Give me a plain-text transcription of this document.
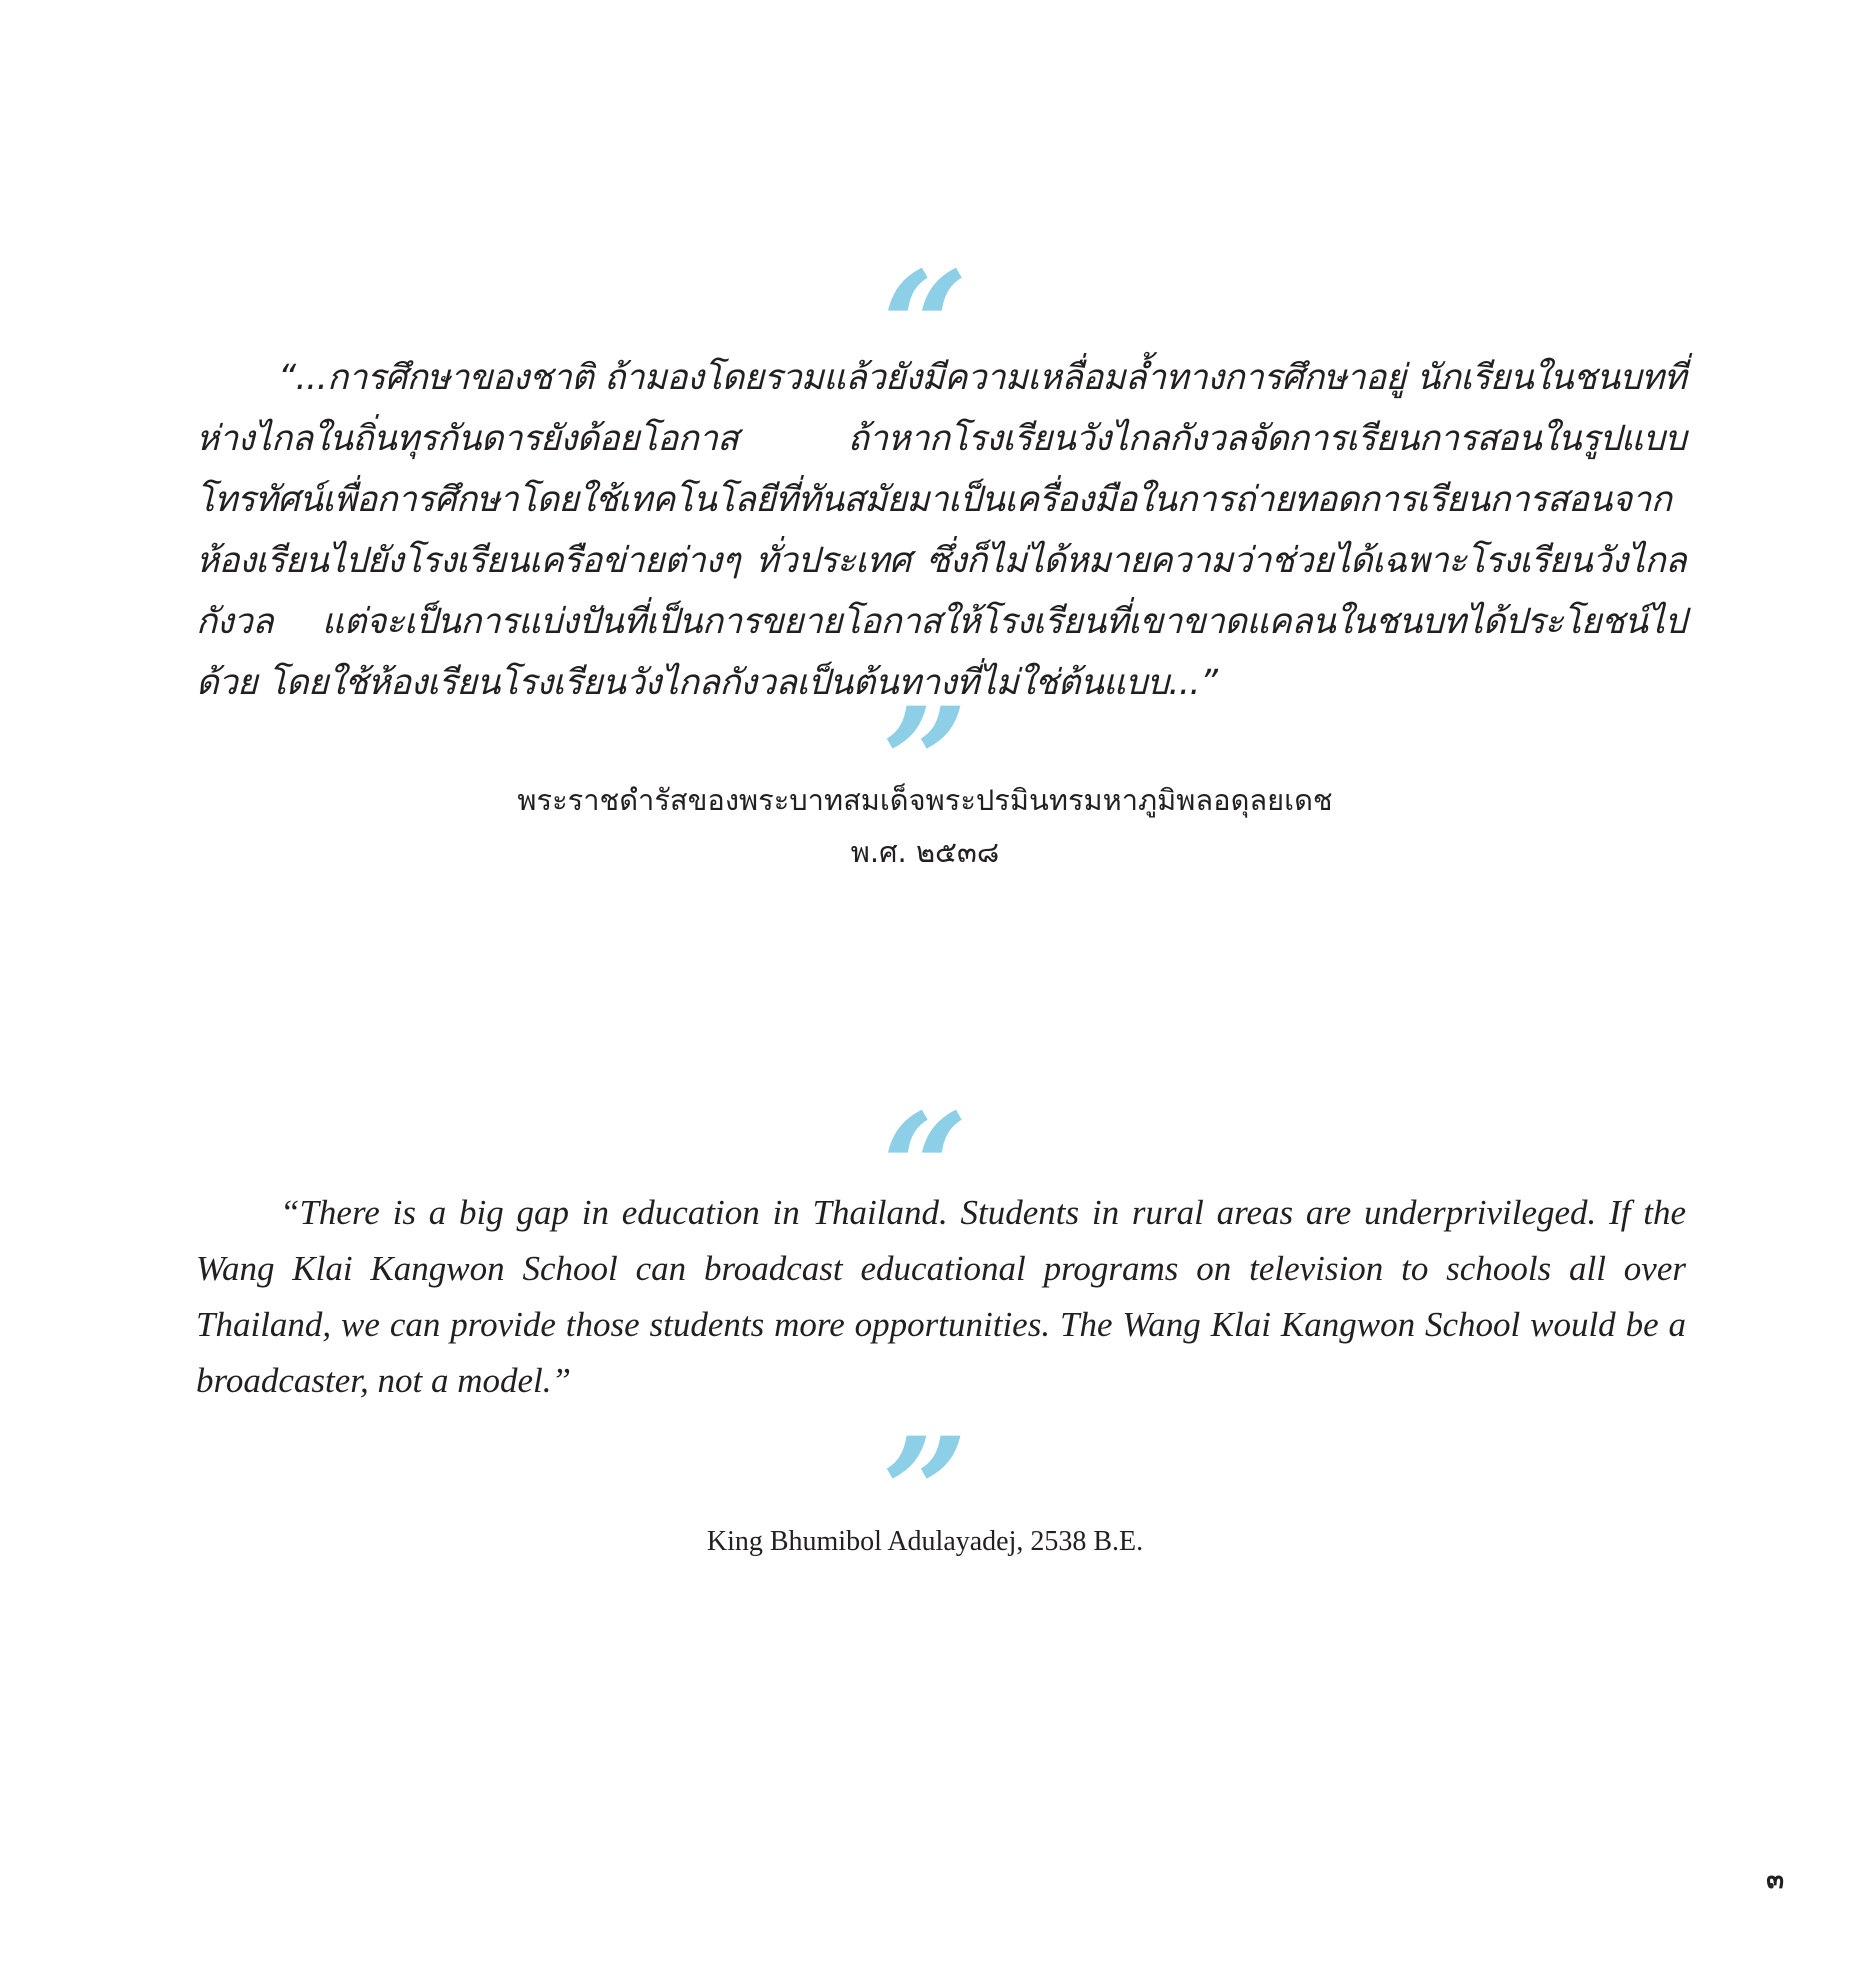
“

“...การศึกษาของชาติ ถ้ามองโดยรวมแล้วยังมีความเหลื่อมล้ำทางการศึกษาอยู่ นักเรียนในชนบทที่ห่างไกลในถิ่นทุรกันดารยังด้อยโอกาส ถ้าหากโรงเรียนวังไกลกังวลจัดการเรียนการสอนในรูปแบบโทรทัศน์เพื่อการศึกษาโดยใช้เทคโนโลยีที่ทันสมัยมาเป็นเครื่องมือในการถ่ายทอดการเรียนการสอนจากห้องเรียนไปยังโรงเรียนเครือข่ายต่างๆ ทั่วประเทศ ซึ่งก็ไม่ได้หมายความว่าช่วยได้เฉพาะโรงเรียนวังไกลกังวล แต่จะเป็นการแบ่งปันที่เป็นการขยายโอกาสให้โรงเรียนที่เขาขาดแคลนในชนบทได้ประโยชน์ไปด้วย โดยใช้ห้องเรียนโรงเรียนวังไกลกังวลเป็นต้นทางที่ไม่ใช่ต้นแบบ...”

”

พระราชดำรัสของพระบาทสมเด็จพระปรมินทรมหาภูมิพลอดุลยเดช

พ.ศ. ๒๕๓๘

“

“There is a big gap in education in Thailand. Students in rural areas are underprivileged. If the Wang Klai Kangwon School can broadcast educational programs on television to schools all over Thailand, we can provide those students more opportunities. The Wang Klai Kangwon School would be a broadcaster, not a model.”

”

King Bhumibol Adulayadej, 2538 B.E.

๓
